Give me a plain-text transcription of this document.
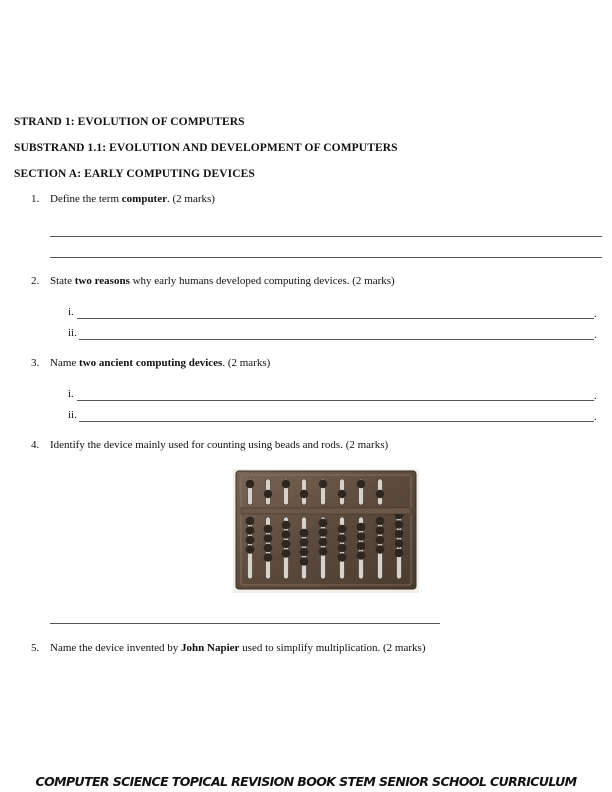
STRAND 1: EVOLUTION OF COMPUTERS
SUBSTRAND 1.1: EVOLUTION AND DEVELOPMENT OF COMPUTERS
SECTION A: EARLY COMPUTING DEVICES
1. Define the term computer. (2 marks)
2. State two reasons why early humans developed computing devices. (2 marks)
i.	.
ii.	.
3. Name two ancient computing devices. (2 marks)
i.	.
ii.	.
4. Identify the device mainly used for counting using beads and rods. (2 marks)
5. Name the device invented by John Napier used to simplify multiplication. (2 marks)
COMPUTER SCIENCE TOPICAL REVISION BOOK STEM SENIOR SCHOOL CURRICULUM
